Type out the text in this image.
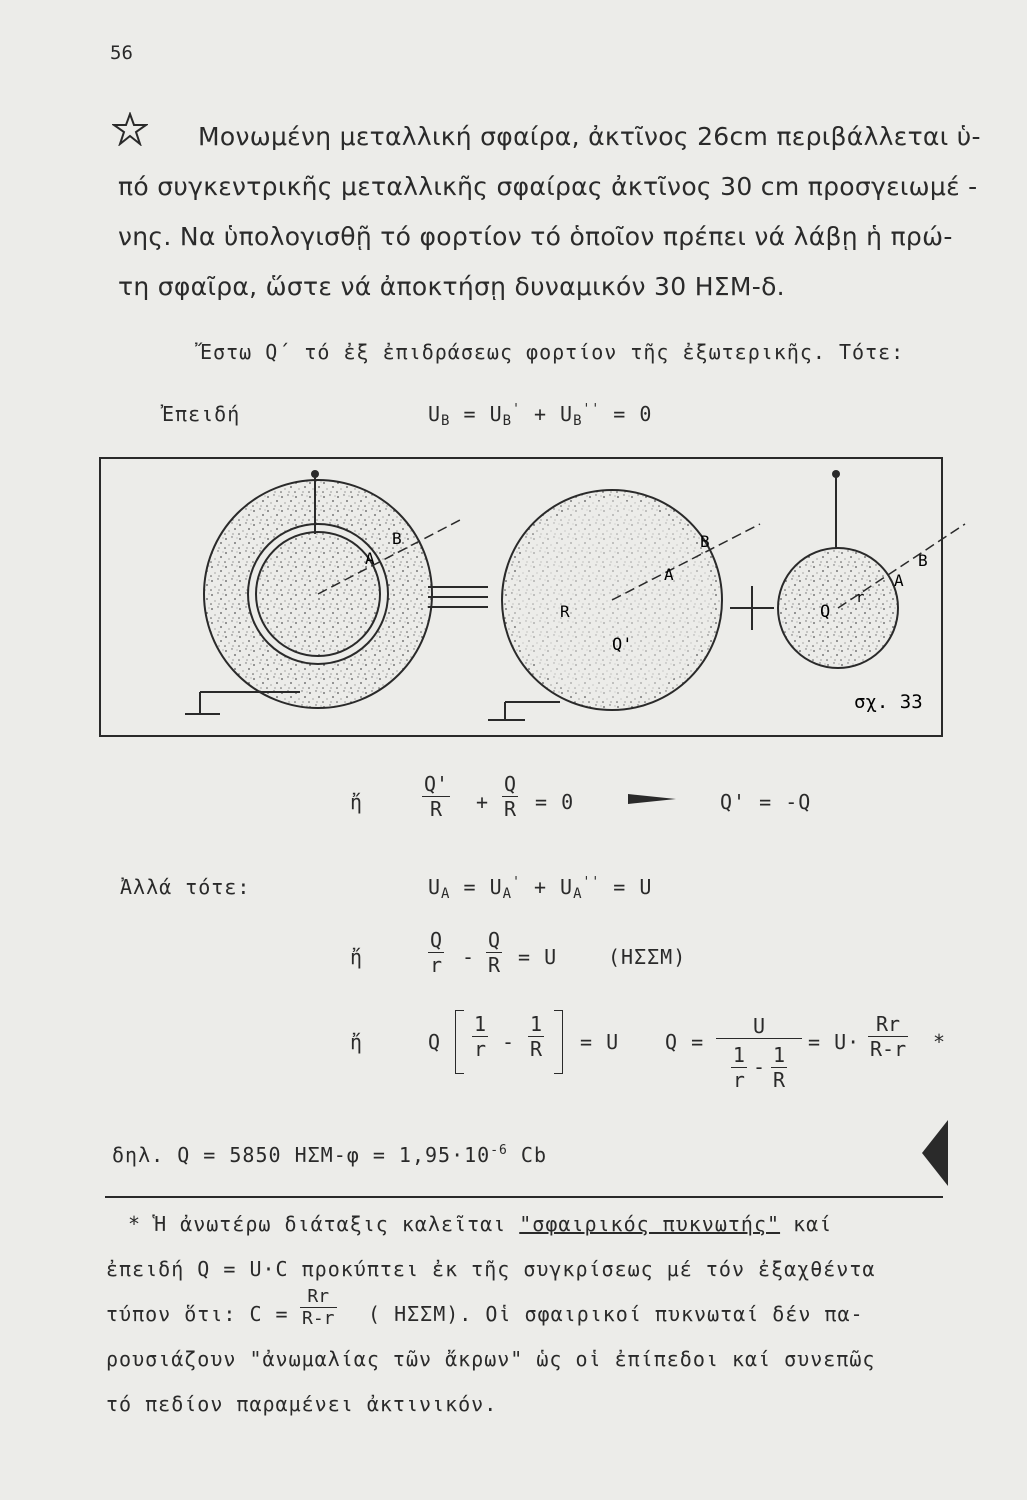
56
Μονωμένη μεταλλική σφαίρα, ἀκτῖνος 26cm περιβάλλεται ὑ-
πό συγκεντρικῆς μεταλλικῆς σφαίρας ἀκτῖνος 30 cm προσγειωμέ -
νης. Να ὑπολογισθῇ τό φορτίον τό ὁποῖον πρέπει νά λάβῃ ἡ πρώ-
τη σφαῖρα, ὥστε νά ἀποκτήσῃ δυναμικόν 30 ΗΣΜ-δ.
Ἔστω Q΄ τό ἐξ ἐπιδράσεως φορτίον τῆς ἐξωτερικῆς. Τότε:
Ἐπειδή	$U_B = U_B' + U_B'' = 0$
A
B
R
Q'
A
B
Q
r
A
B
σχ. 33
ἤ	$\frac{Q'}{R} + \frac{Q}{R} = 0$	Q' = -Q
Ἀλλά τότε:	$U_A = U_A' + U_A'' = U$
ἤ	$\frac{Q}{r} - \frac{Q}{R} = U$	(ΗΣΣΜ)
ἤ	Q $\frac{1}{r} - \frac{1}{R} = U$ Q =
U
$\frac{1}{r} - \frac{1}{R}$
= $U\cdot \frac{Rr}{R-r}$ *
δηλ. Q = 5850 $H\Sigma M-\varphi = 1,95\cdot 10^{-6}$ Cb
* Ἡ ἀνωτέρω διάταξις καλεῖται "σφαιρικός πυκνωτής" καί
ἐπειδή Q = U·C προκύπτει ἐκ τῆς συγκρίσεως μέ τόν ἐξαχθέντα
τύπον ὅτι: $C = \frac{Rr}{R-r}$ ( ΗΣΣΜ). Οἱ σφαιρικοί πυκνωταί δέν πα-
ρουσιάζουν "ἀνωμαλίας τῶν ἄκρων" ὡς οἱ ἐπίπεδοι καί συνεπῶς
τό πεδίον παραμένει ἀκτινικόν.
